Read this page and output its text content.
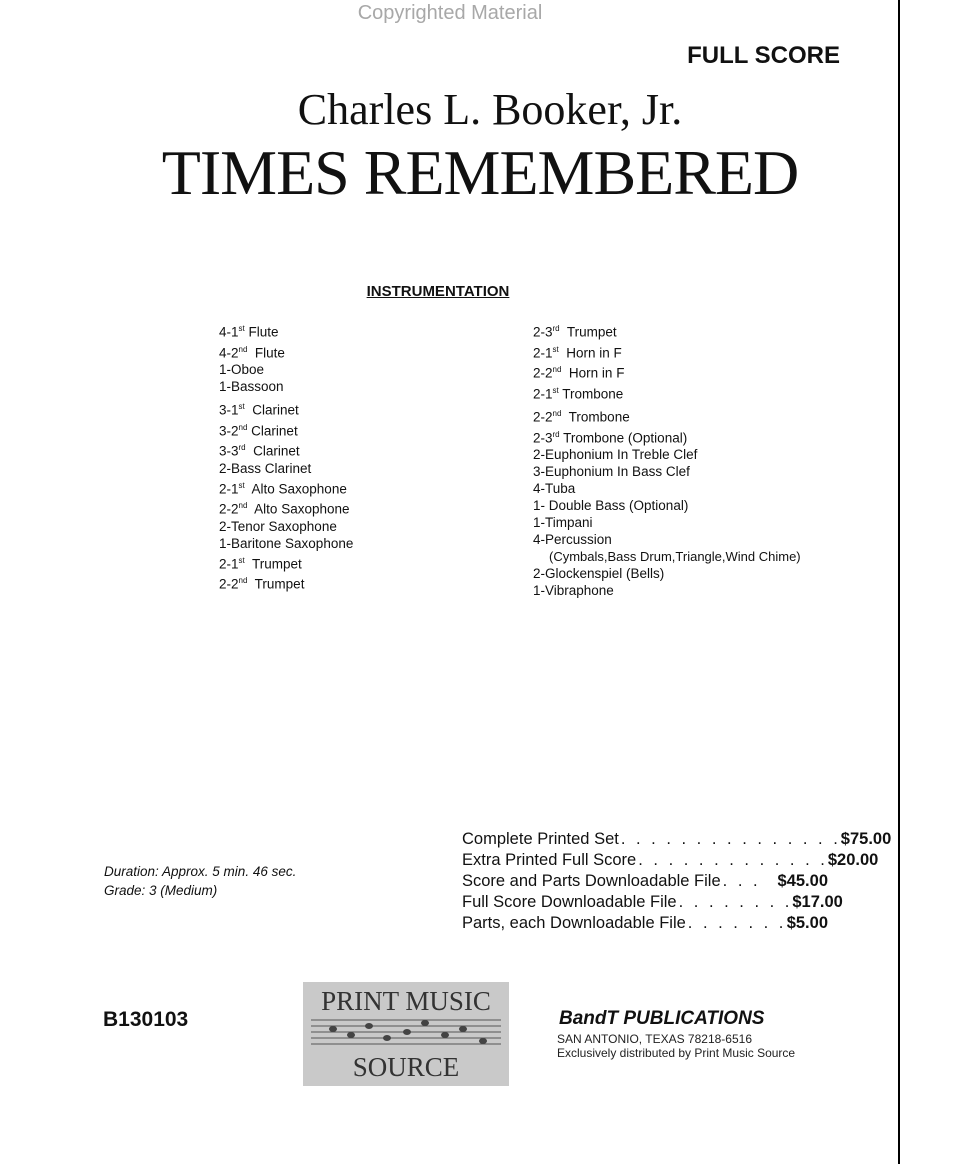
Copyrighted Material
FULL SCORE
Charles L. Booker, Jr.
TIMES REMEMBERED
INSTRUMENTATION
4-1st Flute
4-2nd  Flute
1-Oboe
1-Bassoon
3-1st  Clarinet
3-2nd Clarinet
3-3rd  Clarinet
2-Bass Clarinet
2-1st  Alto Saxophone
2-2nd  Alto Saxophone
2-Tenor Saxophone
1-Baritone Saxophone
2-1st  Trumpet
2-2nd  Trumpet
2-3rd  Trumpet
2-1st  Horn in F
2-2nd  Horn in F
2-1st Trombone
2-2nd  Trombone
2-3rd Trombone (Optional)
2-Euphonium In Treble Clef
3-Euphonium In Bass Clef
4-Tuba
1- Double Bass (Optional)
1-Timpani
4-Percussion
(Cymbals,Bass Drum,Triangle,Wind Chime)
2-Glockenspiel (Bells)
1-Vibraphone
Duration: Approx. 5 min. 46 sec.
Grade: 3 (Medium)
Complete Printed Set . . . . . . . . . . . . . . . $75.00
Extra Printed Full Score . . . . . . . . . . . . . $20.00
Score and Parts Downloadable File . . .	$45.00
Full Score Downloadable File . . . . . . . . $17.00
Parts, each Downloadable File . . . . . . . $5.00
B130103
PRINT MUSIC
SOURCE
BandT PUBLICATIONS
SAN ANTONIO, TEXAS 78218-6516
Exclusively distributed by Print Music Source
